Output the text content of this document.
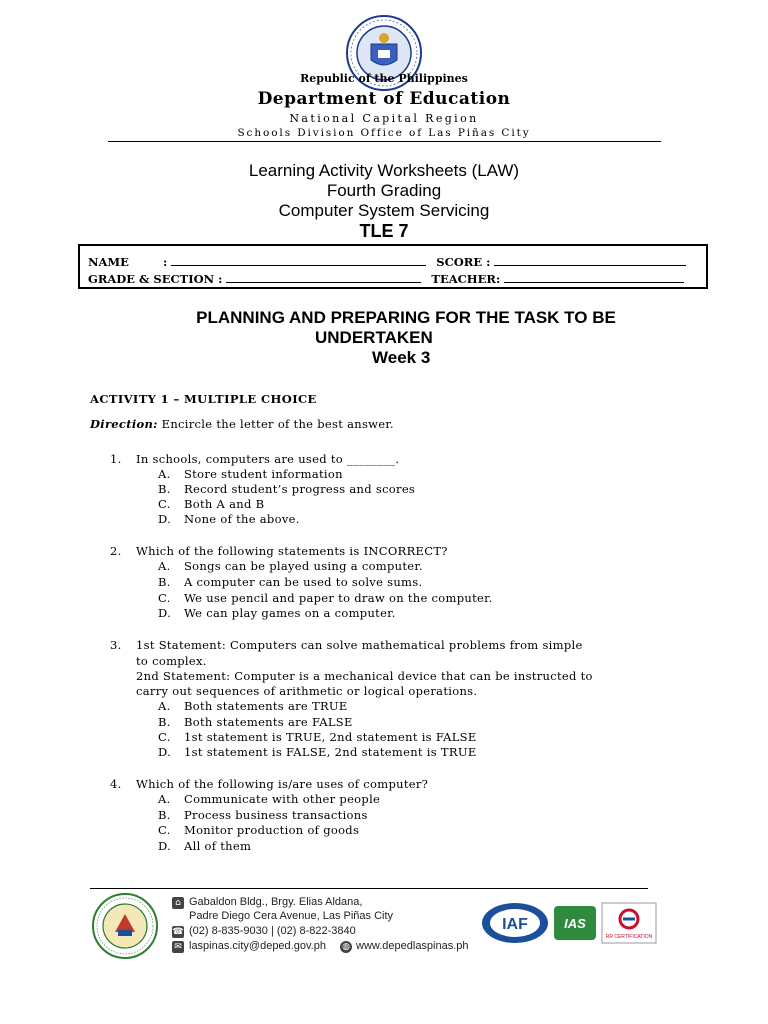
Republic of the Philippines
Department of Education
National Capital Region
Schools Division Office of Las Piñas City
Learning Activity Worksheets (LAW)
Fourth Grading
Computer System Servicing
TLE 7
NAME	:	SCORE :
GRADE & SECTION :	TEACHER:
PLANNING AND PREPARING FOR THE TASK TO BE
UNDERTAKEN
Week 3
ACTIVITY 1 – MULTIPLE CHOICE
Direction: Encircle the letter of the best answer.
1. In schools, computers are used to ________.
A. Store student information
B. Record student’s progress and scores
C. Both A and B
D. None of the above.
2. Which of the following statements is INCORRECT?
A. Songs can be played using a computer.
B. A computer can be used to solve sums.
C. We use pencil and paper to draw on the computer.
D. We can play games on a computer.
3. 1st Statement: Computers can solve mathematical problems from simple
to complex.
2nd Statement: Computer is a mechanical device that can be instructed to
carry out sequences of arithmetic or logical operations.
A. Both statements are TRUE
B. Both statements are FALSE
C. 1st statement is TRUE, 2nd statement is FALSE
D. 1st statement is FALSE, 2nd statement is TRUE
4. Which of the following is/are uses of computer?
A. Communicate with other people
B. Process business transactions
C. Monitor production of goods
D. All of them
⌂ Gabaldon Bldg., Brgy. Elias Aldana,
Padre Diego Cera Avenue, Las Piñas City
☎ (02) 8-835-9030 | (02) 8-822-3840
✉ laspinas.city@deped.gov.ph ◍ www.depedlaspinas.ph
IAF	IAS
RR CERTIFICATION
